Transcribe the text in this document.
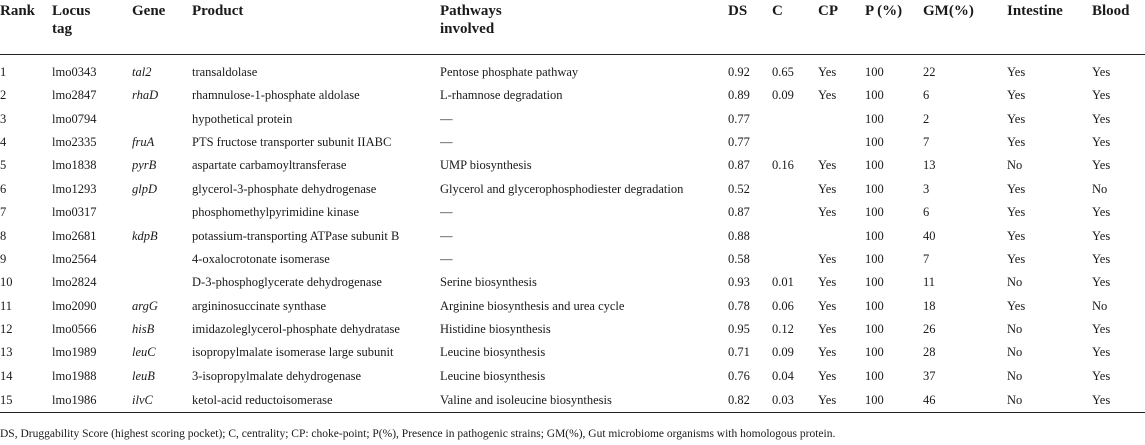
Rank	Locus tag	Gene	Product	Pathways involved	DS	C	CP	P (%)	GM(%)	Intestine	Blood
1	lmo0343	tal2	transaldolase	Pentose phosphate pathway	0.92	0.65	Yes	100	22	Yes	Yes
2	lmo2847	rhaD	rhamnulose-1-phosphate aldolase	L-rhamnose degradation	0.89	0.09	Yes	100	6	Yes	Yes
3	lmo0794		hypothetical protein	—	0.77			100	2	Yes	Yes
4	lmo2335	fruA	PTS fructose transporter subunit IIABC	—	0.77			100	7	Yes	Yes
5	lmo1838	pyrB	aspartate carbamoyltransferase	UMP biosynthesis	0.87	0.16	Yes	100	13	No	Yes
6	lmo1293	glpD	glycerol-3-phosphate dehydrogenase	Glycerol and glycerophosphodiester degradation	0.52		Yes	100	3	Yes	No
7	lmo0317		phosphomethylpyrimidine kinase	—	0.87		Yes	100	6	Yes	Yes
8	lmo2681	kdpB	potassium-transporting ATPase subunit B	—	0.88			100	40	Yes	Yes
9	lmo2564		4-oxalocrotonate isomerase	—	0.58		Yes	100	7	Yes	Yes
10	lmo2824		D-3-phosphoglycerate dehydrogenase	Serine biosynthesis	0.93	0.01	Yes	100	11	No	Yes
11	lmo2090	argG	argininosuccinate synthase	Arginine biosynthesis and urea cycle	0.78	0.06	Yes	100	18	Yes	No
12	lmo0566	hisB	imidazoleglycerol-phosphate dehydratase	Histidine biosynthesis	0.95	0.12	Yes	100	26	No	Yes
13	lmo1989	leuC	isopropylmalate isomerase large subunit	Leucine biosynthesis	0.71	0.09	Yes	100	28	No	Yes
14	lmo1988	leuB	3-isopropylmalate dehydrogenase	Leucine biosynthesis	0.76	0.04	Yes	100	37	No	Yes
15	lmo1986	ilvC	ketol-acid reductoisomerase	Valine and isoleucine biosynthesis	0.82	0.03	Yes	100	46	No	Yes
DS, Druggability Score (highest scoring pocket); C, centrality; CP: choke-point; P(%), Presence in pathogenic strains; GM(%), Gut microbiome organisms with homologous protein.
